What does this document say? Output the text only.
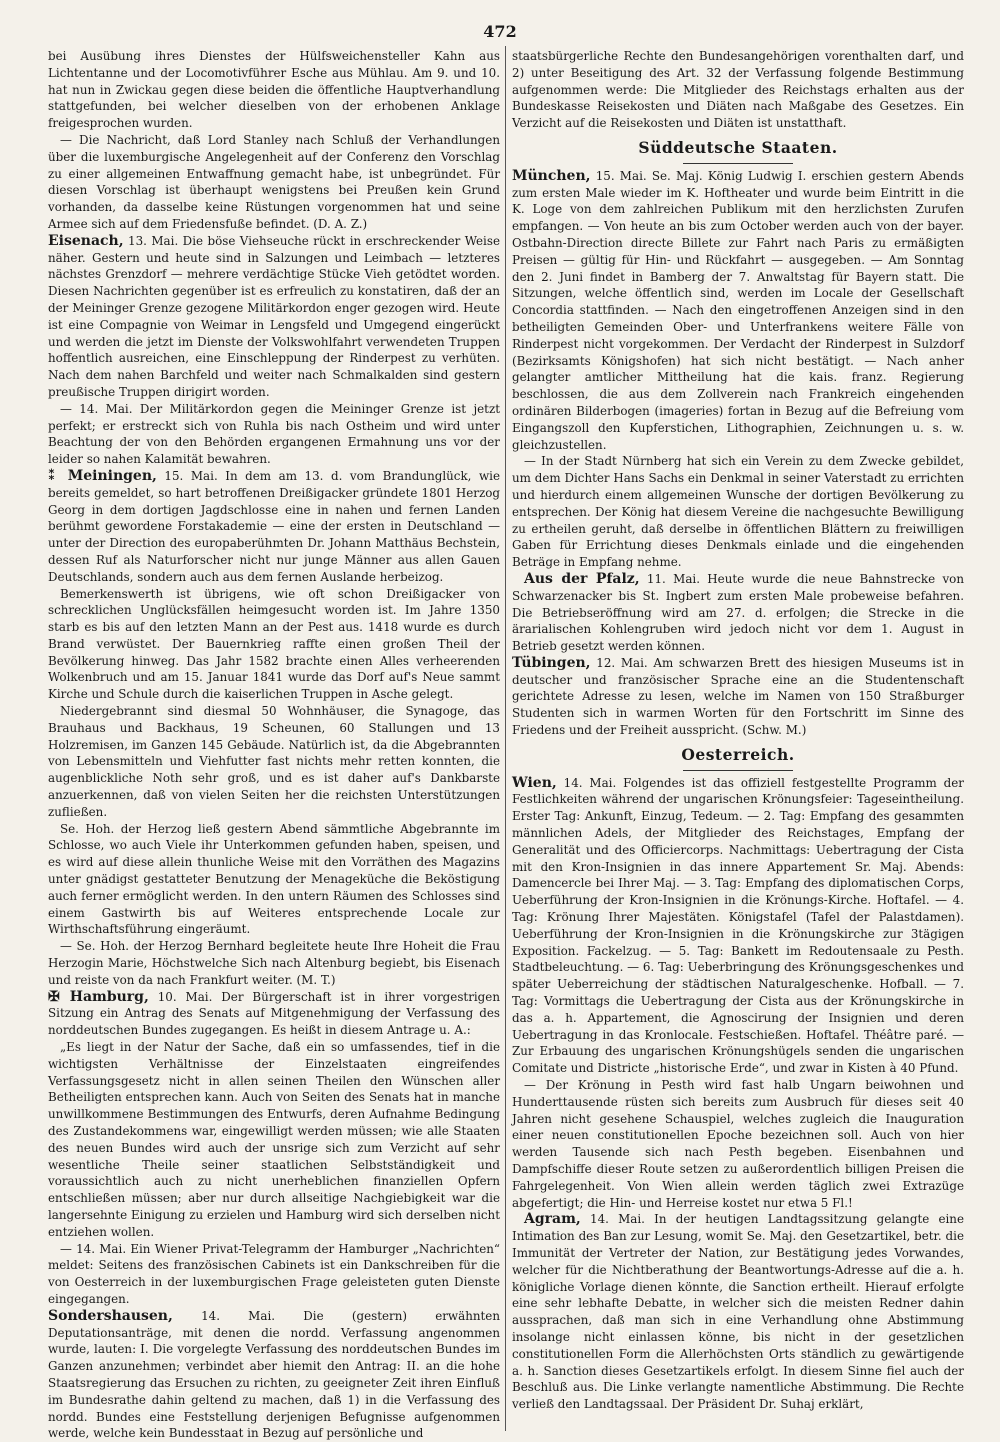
472

bei Ausübung ihres Dienstes der Hülfsweichensteller Kahn aus Lichtentanne und der Locomotivführer Esche aus Mühlau. Am 9. und 10. hat nun in Zwickau gegen diese beiden die öffentliche Hauptverhandlung stattgefunden, bei welcher dieselben von der erhobenen Anklage freigesprochen wurden.

— Die Nachricht, daß Lord Stanley nach Schluß der Verhandlungen über die luxemburgische Angelegenheit auf der Conferenz den Vorschlag zu einer allgemeinen Entwaffnung gemacht habe, ist unbegründet. Für diesen Vorschlag ist überhaupt wenigstens bei Preußen kein Grund vorhanden, da dasselbe keine Rüstungen vorgenommen hat und seine Armee sich auf dem Friedensfuße befindet. (D. A. Z.)

Eisenach, 13. Mai. Die böse Viehseuche rückt in erschreckender Weise näher. Gestern und heute sind in Salzungen und Leimbach — letzteres nächstes Grenzdorf — mehrere verdächtige Stücke Vieh getödtet worden. Diesen Nachrichten gegenüber ist es erfreulich zu konstatiren, daß der an der Meininger Grenze gezogene Militärkordon enger gezogen wird. Heute ist eine Compagnie von Weimar in Lengsfeld und Umgegend eingerückt und werden die jetzt im Dienste der Volkswohlfahrt verwendeten Truppen hoffentlich ausreichen, eine Einschleppung der Rinderpest zu verhüten. Nach dem nahen Barchfeld und weiter nach Schmalkalden sind gestern preußische Truppen dirigirt worden.

— 14. Mai. Der Militärkordon gegen die Meininger Grenze ist jetzt perfekt; er erstreckt sich von Ruhla bis nach Ostheim und wird unter Beachtung der von den Behörden ergangenen Ermahnung uns vor der leider so nahen Kalamität bewahren.

⁑ Meiningen, 15. Mai. In dem am 13. d. vom Brandunglück, wie bereits gemeldet, so hart betroffenen Dreißigacker gründete 1801 Herzog Georg in dem dortigen Jagdschlosse eine in nahen und fernen Landen berühmt gewordene Forstakademie — eine der ersten in Deutschland — unter der Direction des europaberühmten Dr. Johann Matthäus Bechstein, dessen Ruf als Naturforscher nicht nur junge Männer aus allen Gauen Deutschlands, sondern auch aus dem fernen Auslande herbeizog.

Bemerkenswerth ist übrigens, wie oft schon Dreißigacker von schrecklichen Unglücksfällen heimgesucht worden ist. Im Jahre 1350 starb es bis auf den letzten Mann an der Pest aus. 1418 wurde es durch Brand verwüstet. Der Bauernkrieg raffte einen großen Theil der Bevölkerung hinweg. Das Jahr 1582 brachte einen Alles verheerenden Wolkenbruch und am 15. Januar 1841 wurde das Dorf auf's Neue sammt Kirche und Schule durch die kaiserlichen Truppen in Asche gelegt.

Niedergebrannt sind diesmal 50 Wohnhäuser, die Synagoge, das Brauhaus und Backhaus, 19 Scheunen, 60 Stallungen und 13 Holzremisen, im Ganzen 145 Gebäude. Natürlich ist, da die Abgebrannten von Lebensmitteln und Viehfutter fast nichts mehr retten konnten, die augenblickliche Noth sehr groß, und es ist daher auf's Dankbarste anzuerkennen, daß von vielen Seiten her die reichsten Unterstützungen zufließen.

Se. Hoh. der Herzog ließ gestern Abend sämmtliche Abgebrannte im Schlosse, wo auch Viele ihr Unterkommen gefunden haben, speisen, und es wird auf diese allein thunliche Weise mit den Vorräthen des Magazins unter gnädigst gestatteter Benutzung der Menageküche die Beköstigung auch ferner ermöglicht werden. In den untern Räumen des Schlosses sind einem Gastwirth bis auf Weiteres entsprechende Locale zur Wirthschaftsführung eingeräumt.

— Se. Hoh. der Herzog Bernhard begleitete heute Ihre Hoheit die Frau Herzogin Marie, Höchstwelche Sich nach Altenburg begiebt, bis Eisenach und reiste von da nach Frankfurt weiter. (M. T.)

✠ Hamburg, 10. Mai. Der Bürgerschaft ist in ihrer vorgestrigen Sitzung ein Antrag des Senats auf Mitgenehmigung der Verfassung des norddeutschen Bundes zugegangen. Es heißt in diesem Antrage u. A.:

„Es liegt in der Natur der Sache, daß ein so umfassendes, tief in die wichtigsten Verhältnisse der Einzelstaaten eingreifendes Verfassungsgesetz nicht in allen seinen Theilen den Wünschen aller Betheiligten entsprechen kann. Auch von Seiten des Senats hat in manche unwillkommene Bestimmungen des Entwurfs, deren Aufnahme Bedingung des Zustandekommens war, eingewilligt werden müssen; wie alle Staaten des neuen Bundes wird auch der unsrige sich zum Verzicht auf sehr wesentliche Theile seiner staatlichen Selbstständigkeit und voraussichtlich auch zu nicht unerheblichen finanziellen Opfern entschließen müssen; aber nur durch allseitige Nachgiebigkeit war die langersehnte Einigung zu erzielen und Hamburg wird sich derselben nicht entziehen wollen.

— 14. Mai. Ein Wiener Privat-Telegramm der Hamburger „Nachrichten“ meldet: Seitens des französischen Cabinets ist ein Dankschreiben für die von Oesterreich in der luxemburgischen Frage geleisteten guten Dienste eingegangen.

Sondershausen, 14. Mai. Die (gestern) erwähnten Deputationsanträge, mit denen die nordd. Verfassung angenommen wurde, lauten: I. Die vorgelegte Verfassung des norddeutschen Bundes im Ganzen anzunehmen; verbindet aber hiemit den Antrag: II. an die hohe Staatsregierung das Ersuchen zu richten, zu geeigneter Zeit ihren Einfluß im Bundesrathe dahin geltend zu machen, daß 1) in die Verfassung des nordd. Bundes eine Feststellung derjenigen Befugnisse aufgenommen werde, welche kein Bundesstaat in Bezug auf persönliche und

staatsbürgerliche Rechte den Bundesangehörigen vorenthalten darf, und 2) unter Beseitigung des Art. 32 der Verfassung folgende Bestimmung aufgenommen werde: Die Mitglieder des Reichstags erhalten aus der Bundeskasse Reisekosten und Diäten nach Maßgabe des Gesetzes. Ein Verzicht auf die Reisekosten und Diäten ist unstatthaft.

Süddeutsche Staaten.

München, 15. Mai. Se. Maj. König Ludwig I. erschien gestern Abends zum ersten Male wieder im K. Hoftheater und wurde beim Eintritt in die K. Loge von dem zahlreichen Publikum mit den herzlichsten Zurufen empfangen. — Von heute an bis zum October werden auch von der bayer. Ostbahn-Direction directe Billete zur Fahrt nach Paris zu ermäßigten Preisen — gültig für Hin- und Rückfahrt — ausgegeben. — Am Sonntag den 2. Juni findet in Bamberg der 7. Anwaltstag für Bayern statt. Die Sitzungen, welche öffentlich sind, werden im Locale der Gesellschaft Concordia stattfinden. — Nach den eingetroffenen Anzeigen sind in den betheiligten Gemeinden Ober- und Unterfrankens weitere Fälle von Rinderpest nicht vorgekommen. Der Verdacht der Rinderpest in Sulzdorf (Bezirksamts Königshofen) hat sich nicht bestätigt. — Nach anher gelangter amtlicher Mittheilung hat die kais. franz. Regierung beschlossen, die aus dem Zollverein nach Frankreich eingehenden ordinären Bilderbogen (imageries) fortan in Bezug auf die Befreiung vom Eingangszoll den Kupferstichen, Lithographien, Zeichnungen u. s. w. gleichzustellen.

— In der Stadt Nürnberg hat sich ein Verein zu dem Zwecke gebildet, um dem Dichter Hans Sachs ein Denkmal in seiner Vaterstadt zu errichten und hierdurch einem allgemeinen Wunsche der dortigen Bevölkerung zu entsprechen. Der König hat diesem Vereine die nachgesuchte Bewilligung zu ertheilen geruht, daß derselbe in öffentlichen Blättern zu freiwilligen Gaben für Errichtung dieses Denkmals einlade und die eingehenden Beträge in Empfang nehme.

Aus der Pfalz, 11. Mai. Heute wurde die neue Bahnstrecke von Schwarzenacker bis St. Ingbert zum ersten Male probeweise befahren. Die Betriebseröffnung wird am 27. d. erfolgen; die Strecke in die ärarialischen Kohlengruben wird jedoch nicht vor dem 1. August in Betrieb gesetzt werden können.

Tübingen, 12. Mai. Am schwarzen Brett des hiesigen Museums ist in deutscher und französischer Sprache eine an die Studentenschaft gerichtete Adresse zu lesen, welche im Namen von 150 Straßburger Studenten sich in warmen Worten für den Fortschritt im Sinne des Friedens und der Freiheit ausspricht. (Schw. M.)

Oesterreich.

Wien, 14. Mai. Folgendes ist das offiziell festgestellte Programm der Festlichkeiten während der ungarischen Krönungsfeier: Tageseintheilung. Erster Tag: Ankunft, Einzug, Tedeum. — 2. Tag: Empfang des gesammten männlichen Adels, der Mitglieder des Reichstages, Empfang der Generalität und des Officiercorps. Nachmittags: Uebertragung der Cista mit den Kron-Insignien in das innere Appartement Sr. Maj. Abends: Damencercle bei Ihrer Maj. — 3. Tag: Empfang des diplomatischen Corps, Ueberführung der Kron-Insignien in die Krönungs-Kirche. Hoftafel. — 4. Tag: Krönung Ihrer Majestäten. Königstafel (Tafel der Palastdamen). Ueberführung der Kron-Insignien in die Krönungskirche zur 3tägigen Exposition. Fackelzug. — 5. Tag: Bankett im Redoutensaale zu Pesth. Stadtbeleuchtung. — 6. Tag: Ueberbringung des Krönungsgeschenkes und später Ueberreichung der städtischen Naturalgeschenke. Hofball. — 7. Tag: Vormittags die Uebertragung der Cista aus der Krönungskirche in das a. h. Appartement, die Agnoscirung der Insignien und deren Uebertragung in das Kronlocale. Festschießen. Hoftafel. Théâtre paré. — Zur Erbauung des ungarischen Krönungshügels senden die ungarischen Comitate und Districte „historische Erde“, und zwar in Kisten à 40 Pfund.

— Der Krönung in Pesth wird fast halb Ungarn beiwohnen und Hunderttausende rüsten sich bereits zum Ausbruch für dieses seit 40 Jahren nicht gesehene Schauspiel, welches zugleich die Inauguration einer neuen constitutionellen Epoche bezeichnen soll. Auch von hier werden Tausende sich nach Pesth begeben. Eisenbahnen und Dampfschiffe dieser Route setzen zu außerordentlich billigen Preisen die Fahrgelegenheit. Von Wien allein werden täglich zwei Extrazüge abgefertigt; die Hin- und Herreise kostet nur etwa 5 Fl.!

Agram, 14. Mai. In der heutigen Landtagssitzung gelangte eine Intimation des Ban zur Lesung, womit Se. Maj. den Gesetzartikel, betr. die Immunität der Vertreter der Nation, zur Bestätigung jedes Vorwandes, welcher für die Nichtberathung der Beantwortungs-Adresse auf die a. h. königliche Vorlage dienen könnte, die Sanction ertheilt. Hierauf erfolgte eine sehr lebhafte Debatte, in welcher sich die meisten Redner dahin aussprachen, daß man sich in eine Verhandlung ohne Abstimmung insolange nicht einlassen könne, bis nicht in der gesetzlichen constitutionellen Form die Allerhöchsten Orts ständlich zu gewärtigende a. h. Sanction dieses Gesetzartikels erfolgt. In diesem Sinne fiel auch der Beschluß aus. Die Linke verlangte namentliche Abstimmung. Die Rechte verließ den Landtagssaal. Der Präsident Dr. Suhaj erklärt,
